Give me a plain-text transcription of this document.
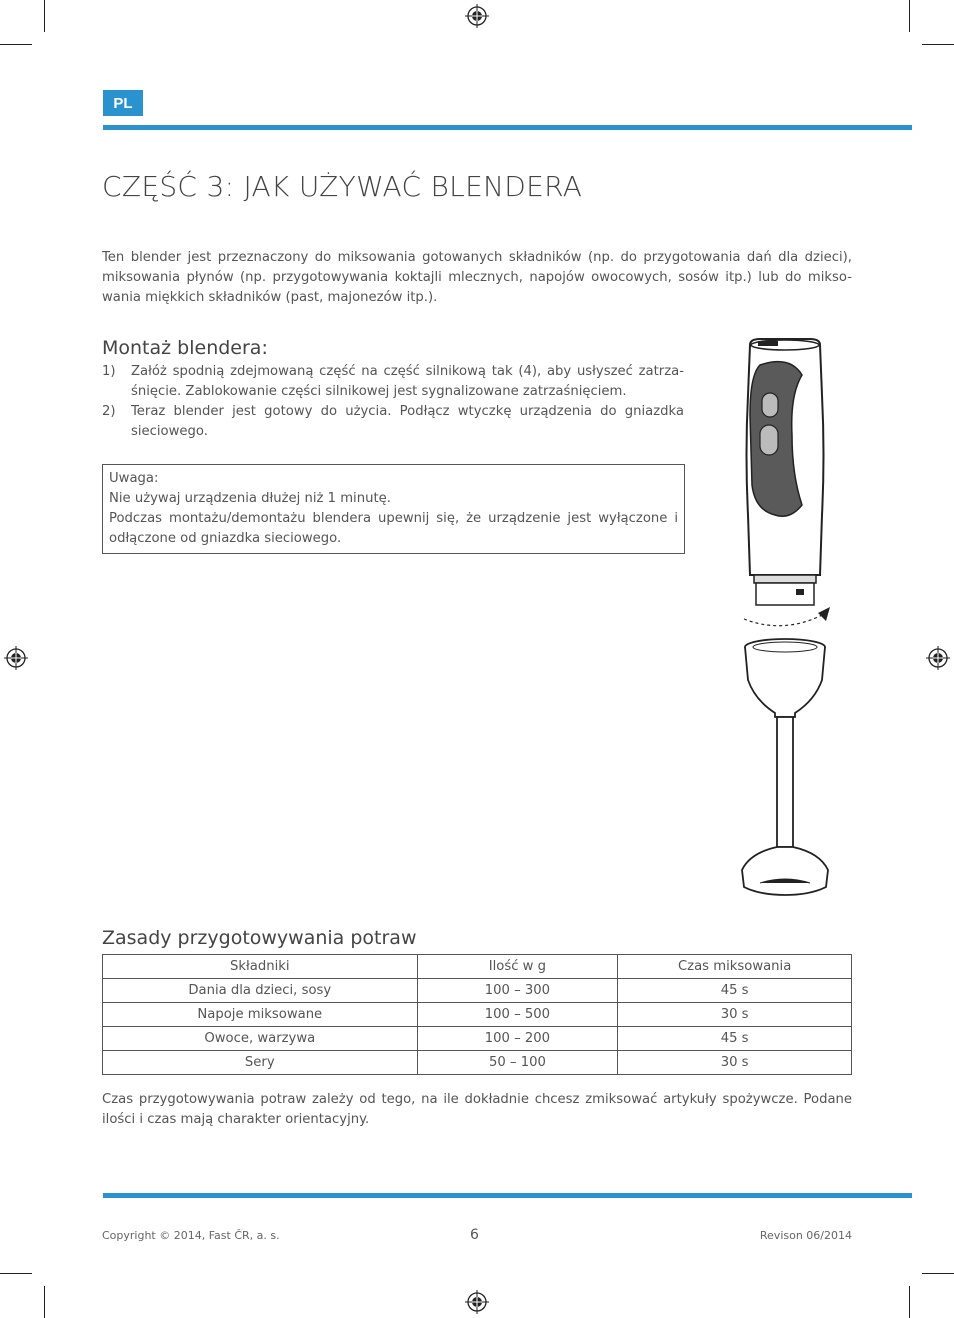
PL
CZĘŚĆ 3: JAK UŻYWAĆ BLENDERA
Ten blender jest przeznaczony do miksowania gotowanych składników (np. do przygotowania dań dla dzieci), miksowania płynów (np. przygotowywania koktajli mlecznych, napojów owocowych, sosów itp.) lub do mikso-wania miękkich składników (past, majonezów itp.).
Montaż blendera:
1) Załóż spodnią zdejmowaną część na część silnikową tak (4), aby usłyszeć zatrza-śnięcie. Zablokowanie części silnikowej jest sygnalizowane zatrzaśnięciem.
2) Teraz blender jest gotowy do użycia. Podłącz wtyczkę urządzenia do gniazdka sieciowego.
Uwaga:
Nie używaj urządzenia dłużej niż 1 minutę.
Podczas montażu/demontażu blendera upewnij się, że urządzenie jest wyłączone i odłączone od gniazdka sieciowego.
Zasady przygotowywania potraw
Składniki	Ilość w g	Czas miksowania
Dania dla dzieci, sosy	100 – 300	45 s
Napoje miksowane	100 – 500	30 s
Owoce, warzywa	100 – 200	45 s
Sery	50 – 100	30 s
Czas przygotowywania potraw zależy od tego, na ile dokładnie chcesz zmiksować artykuły spożywcze. Podane ilości i czas mają charakter orientacyjny.
Copyright © 2014, Fast ČR, a. s.	6	Revison 06/2014
